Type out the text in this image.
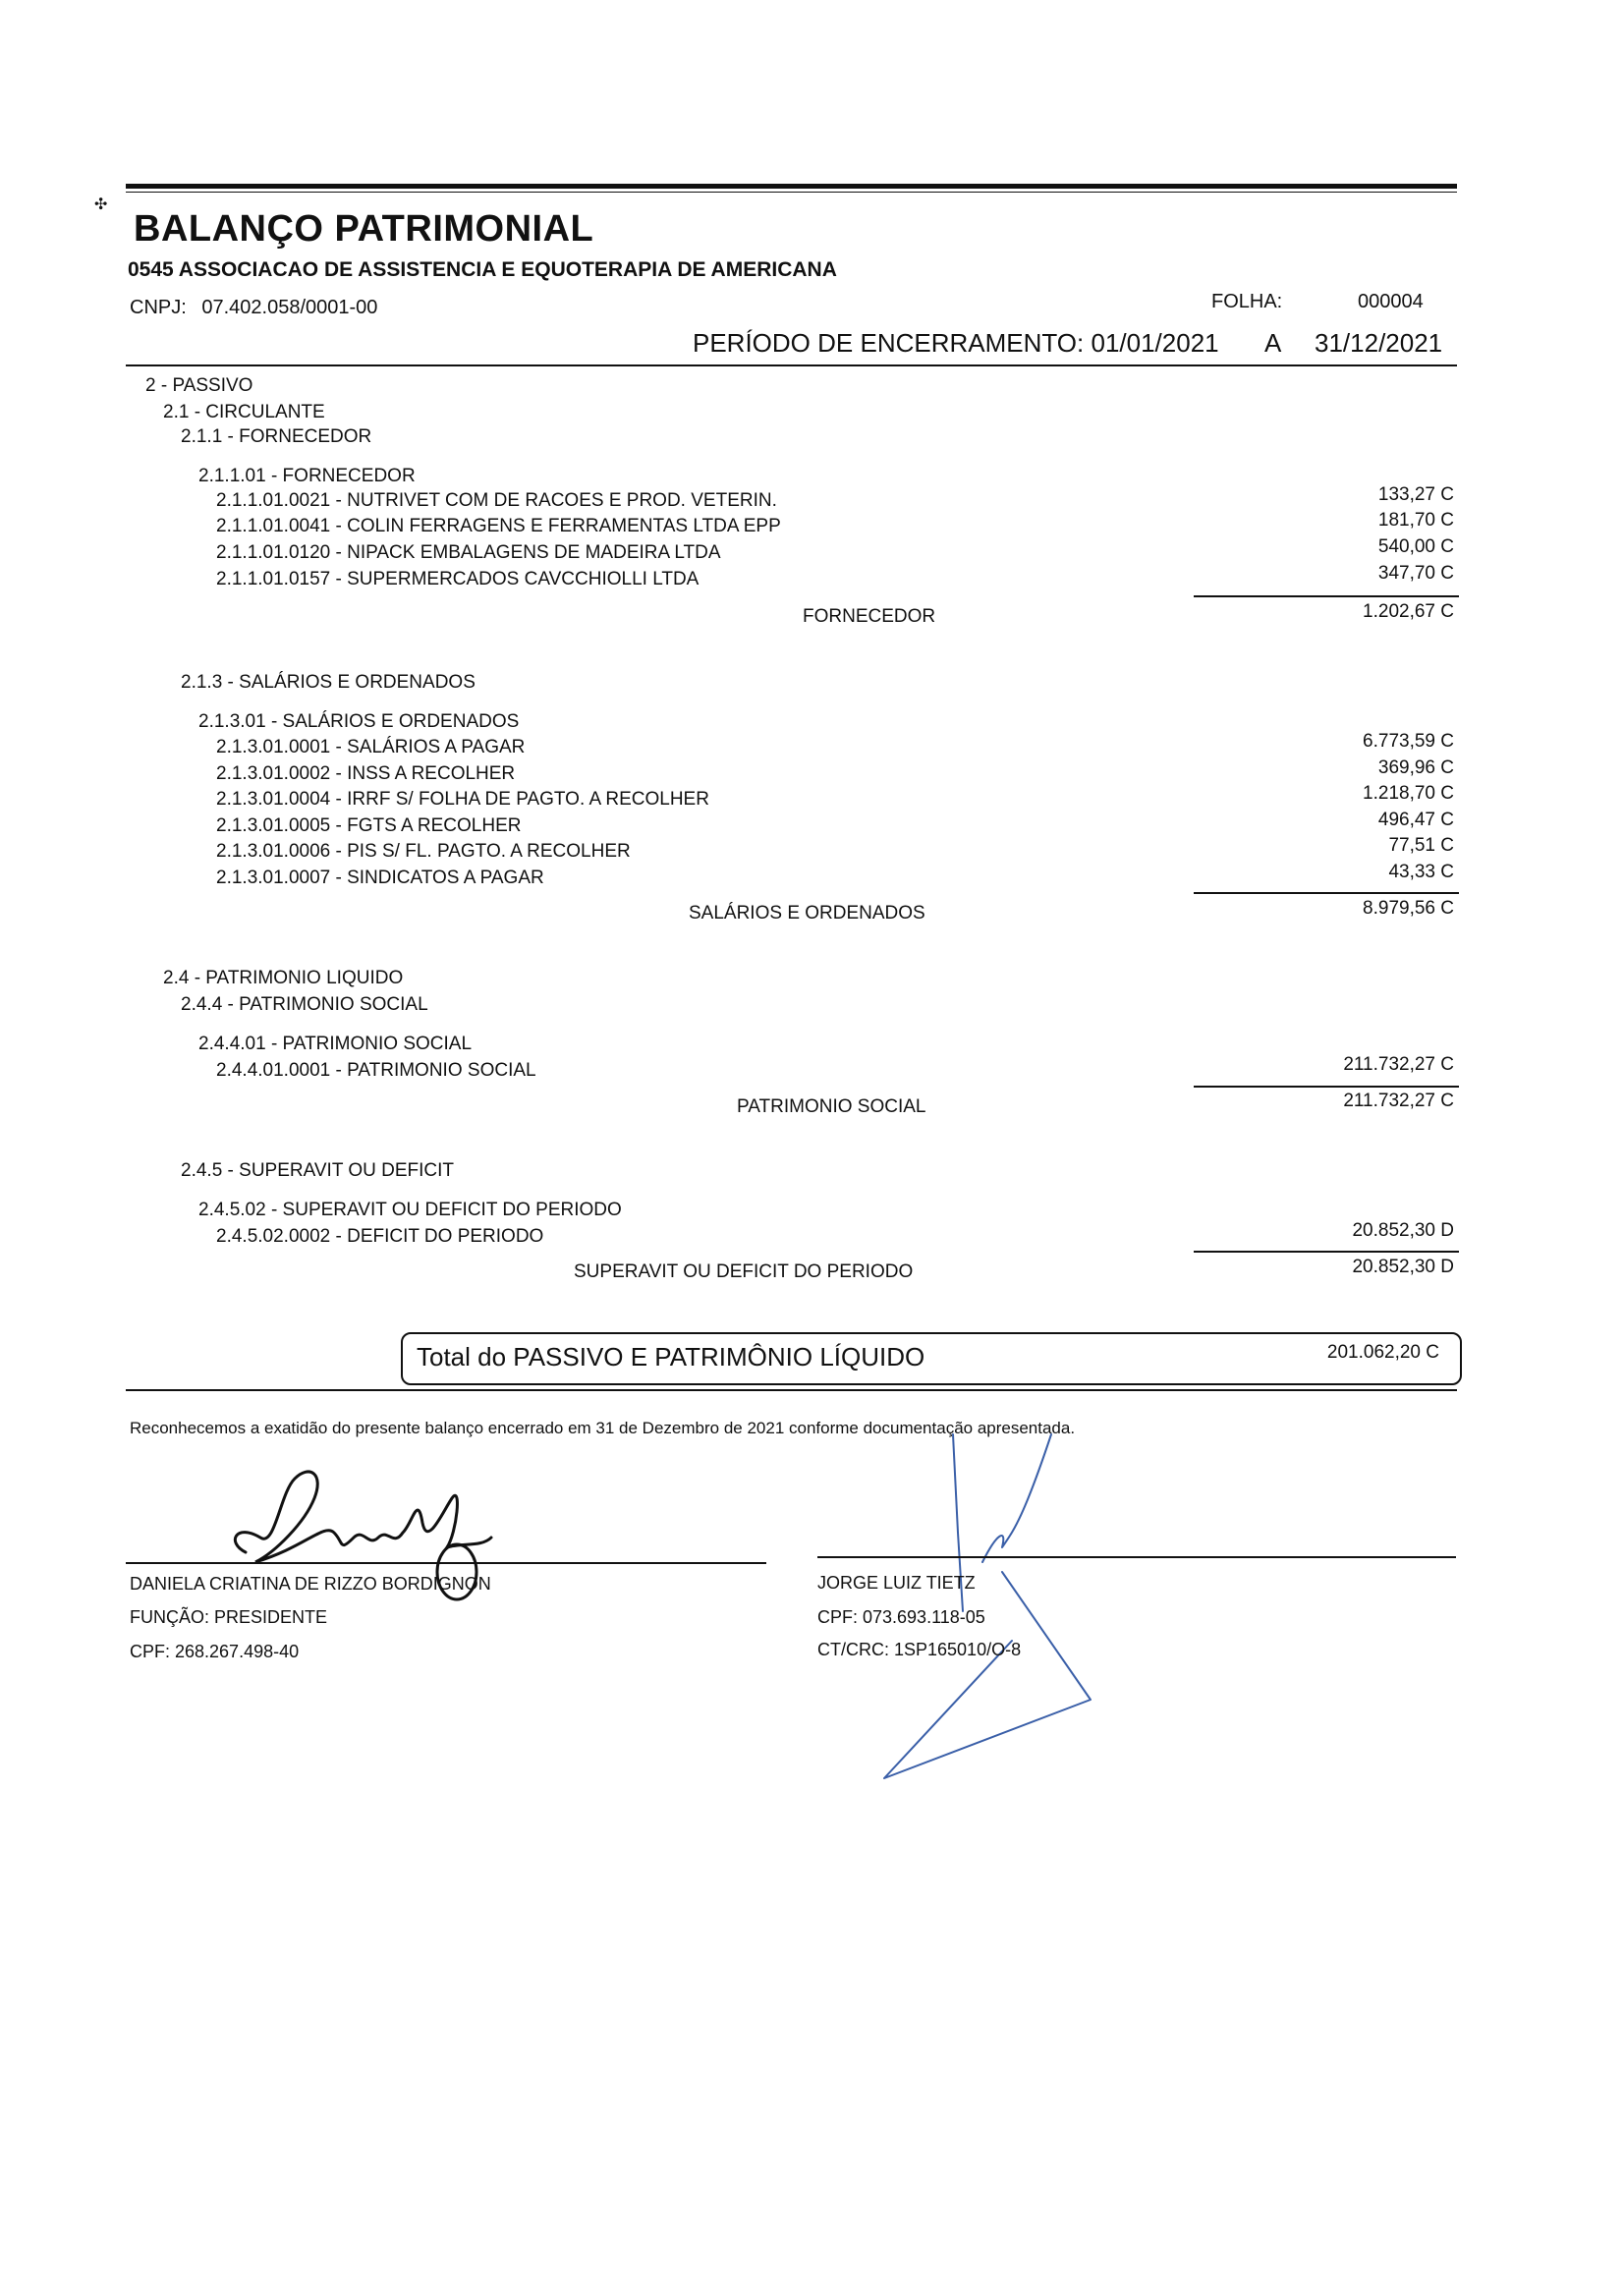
✣
BALANÇO PATRIMONIAL
0545 ASSOCIACAO DE ASSISTENCIA E EQUOTERAPIA DE AMERICANA
CNPJ: 07.402.058/0001-00	FOLHA:	000004
PERÍODO DE ENCERRAMENTO: 01/01/2021 A 31/12/2021
2 - PASSIVO
2.1 - CIRCULANTE
2.1.1 - FORNECEDOR
2.1.1.01 - FORNECEDOR
2.1.1.01.0021 - NUTRIVET COM DE RACOES E PROD. VETERIN.	133,27 C
2.1.1.01.0041 - COLIN FERRAGENS E FERRAMENTAS LTDA EPP	181,70 C
2.1.1.01.0120 - NIPACK EMBALAGENS DE MADEIRA LTDA	540,00 C
2.1.1.01.0157 - SUPERMERCADOS CAVCCHIOLLI LTDA	347,70 C
FORNECEDOR	1.202,67 C
2.1.3 - SALÁRIOS E ORDENADOS
2.1.3.01 - SALÁRIOS E ORDENADOS
2.1.3.01.0001 - SALÁRIOS A PAGAR	6.773,59 C
2.1.3.01.0002 - INSS A RECOLHER	369,96 C
2.1.3.01.0004 - IRRF S/ FOLHA DE PAGTO. A RECOLHER	1.218,70 C
2.1.3.01.0005 - FGTS A RECOLHER	496,47 C
2.1.3.01.0006 - PIS S/ FL. PAGTO. A RECOLHER	77,51 C
2.1.3.01.0007 - SINDICATOS A PAGAR	43,33 C
SALÁRIOS E ORDENADOS	8.979,56 C
2.4 - PATRIMONIO LIQUIDO
2.4.4 - PATRIMONIO SOCIAL
2.4.4.01 - PATRIMONIO SOCIAL
2.4.4.01.0001 - PATRIMONIO SOCIAL	211.732,27 C
PATRIMONIO SOCIAL	211.732,27 C
2.4.5 - SUPERAVIT OU DEFICIT
2.4.5.02 - SUPERAVIT OU DEFICIT DO PERIODO
2.4.5.02.0002 - DEFICIT DO PERIODO	20.852,30 D
SUPERAVIT OU DEFICIT DO PERIODO	20.852,30 D
Total do PASSIVO E PATRIMÔNIO LÍQUIDO	201.062,20 C
Reconhecemos a exatidão do presente balanço encerrado em 31 de Dezembro de 2021 conforme documentação apresentada.
DANIELA CRIATINA DE RIZZO BORDIGNON
FUNÇÃO: PRESIDENTE
CPF: 268.267.498-40
JORGE LUIZ TIETZ
CPF: 073.693.118-05
CT/CRC: 1SP165010/O-8
